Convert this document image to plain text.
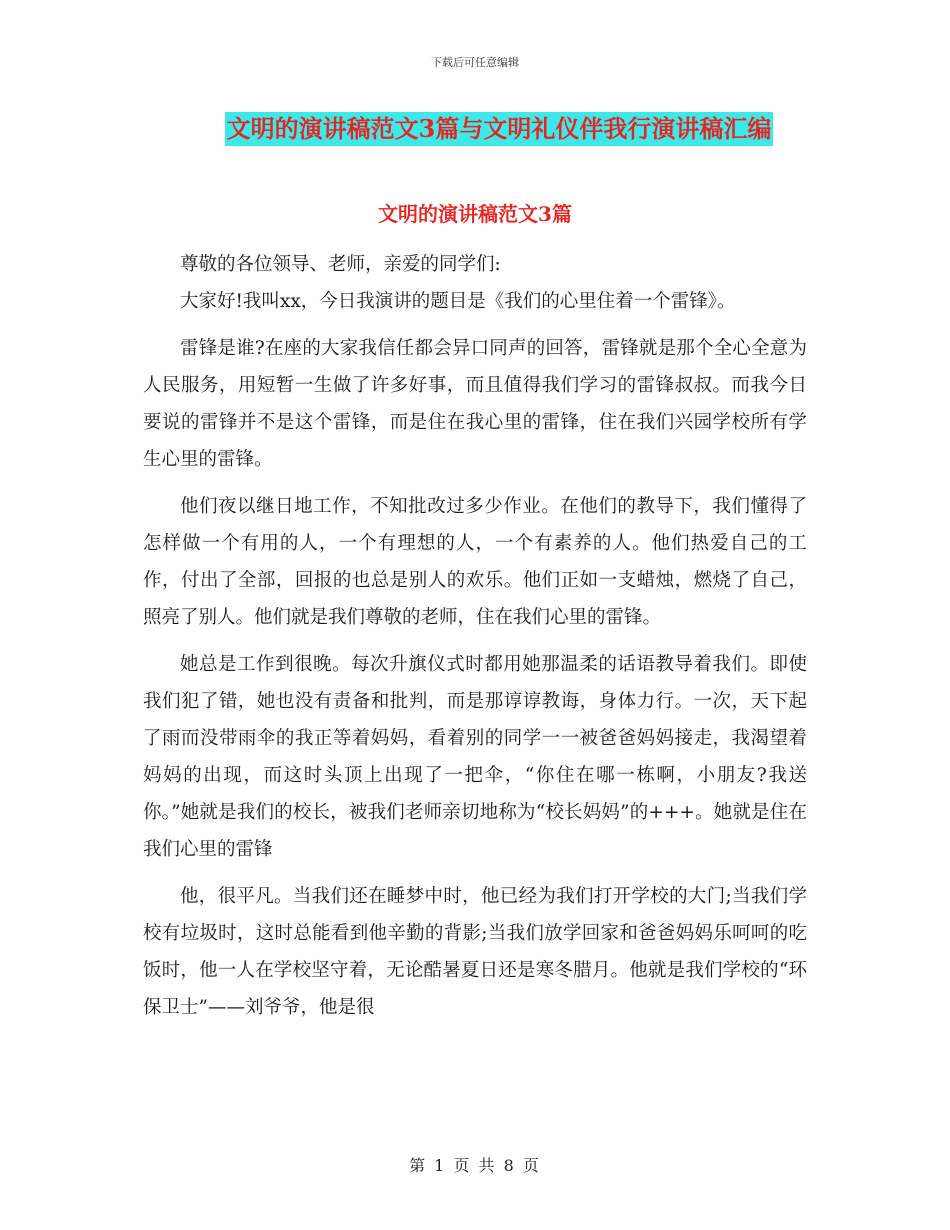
下载后可任意编辑
文明的演讲稿范文3篇与文明礼仪伴我行演讲稿汇编
文明的演讲稿范文3篇

尊敬的各位领导、老师，亲爱的同学们:

大家好!我叫xx，今日我演讲的题目是《我们的心里住着一个雷锋》。

雷锋是谁?在座的大家我信任都会异口同声的回答，雷锋就是那个全心全意为人民服务，用短暂一生做了许多好事，而且值得我们学习的雷锋叔叔。而我今日要说的雷锋并不是这个雷锋，而是住在我心里的雷锋，住在我们兴园学校所有学生心里的雷锋。

他们夜以继日地工作，不知批改过多少作业。在他们的教导下，我们懂得了怎样做一个有用的人，一个有理想的人，一个有素养的人。他们热爱自己的工作，付出了全部，回报的也总是别人的欢乐。他们正如一支蜡烛，燃烧了自己，照亮了别人。他们就是我们尊敬的老师，住在我们心里的雷锋。

她总是工作到很晚。每次升旗仪式时都用她那温柔的话语教导着我们。即使我们犯了错，她也没有责备和批判，而是那谆谆教诲，身体力行。一次，天下起了雨而没带雨伞的我正等着妈妈，看着别的同学一一被爸爸妈妈接走，我渴望着妈妈的出现，而这时头顶上出现了一把伞，“你住在哪一栋啊，小朋友?我送你。”她就是我们的校长，被我们老师亲切地称为“校长妈妈”的+++。她就是住在我们心里的雷锋

他，很平凡。当我们还在睡梦中时，他已经为我们打开学校的大门;当我们学校有垃圾时，这时总能看到他辛勤的背影;当我们放学回家和爸爸妈妈乐呵呵的吃饭时，他一人在学校坚守着，无论酷暑夏日还是寒冬腊月。他就是我们学校的“环保卫士”——刘爷爷，他是很

第 1 页 共 8 页
